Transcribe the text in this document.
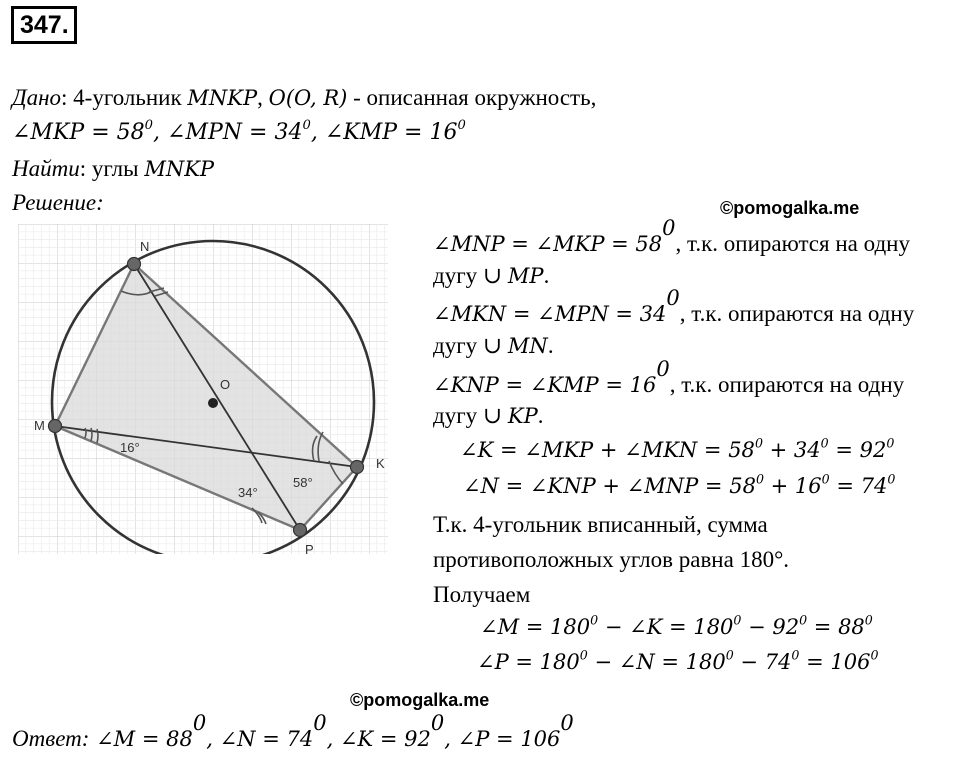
347.
Дано: 4-угольник MNKP, O(O, R) - описанная окружность,
∠MKP = $58^0$, ∠MPN = $34^0$, ∠KMP = $16^0$
Найти: углы MNKP
Решение:	©pomogalka.me
©pomogalka.me
N
M
K
P
O
16°
34°
58°
∠MNP = ∠MKP = $58^0$, т.к. опираются на одну
дугу ∪ MP.
∠MKN = ∠MPN = $34^0$, т.к. опираются на одну
дугу ∪ MN.
∠KNP = ∠KMP = $16^0$, т.к. опираются на одну
дугу ∪ KP.
∠K = ∠MKP + ∠MKN = $58^0 + 34^0 = 92^0$
∠N = ∠KNP + ∠MNP = $58^0 + 16^0 = 74^0$
Т.к. 4-угольник вписанный, сумма
противоположных углов равна 180°.
Получаем
∠M = $180^0$ − ∠K = $180^0 - 92^0 = 88^0$
∠P = $180^0$ − ∠N = $180^0 - 74^0 = 106^0$
Ответ: ∠M = $88^0$, ∠N = $74^0$, ∠K = $92^0$, ∠P = $106^0$
